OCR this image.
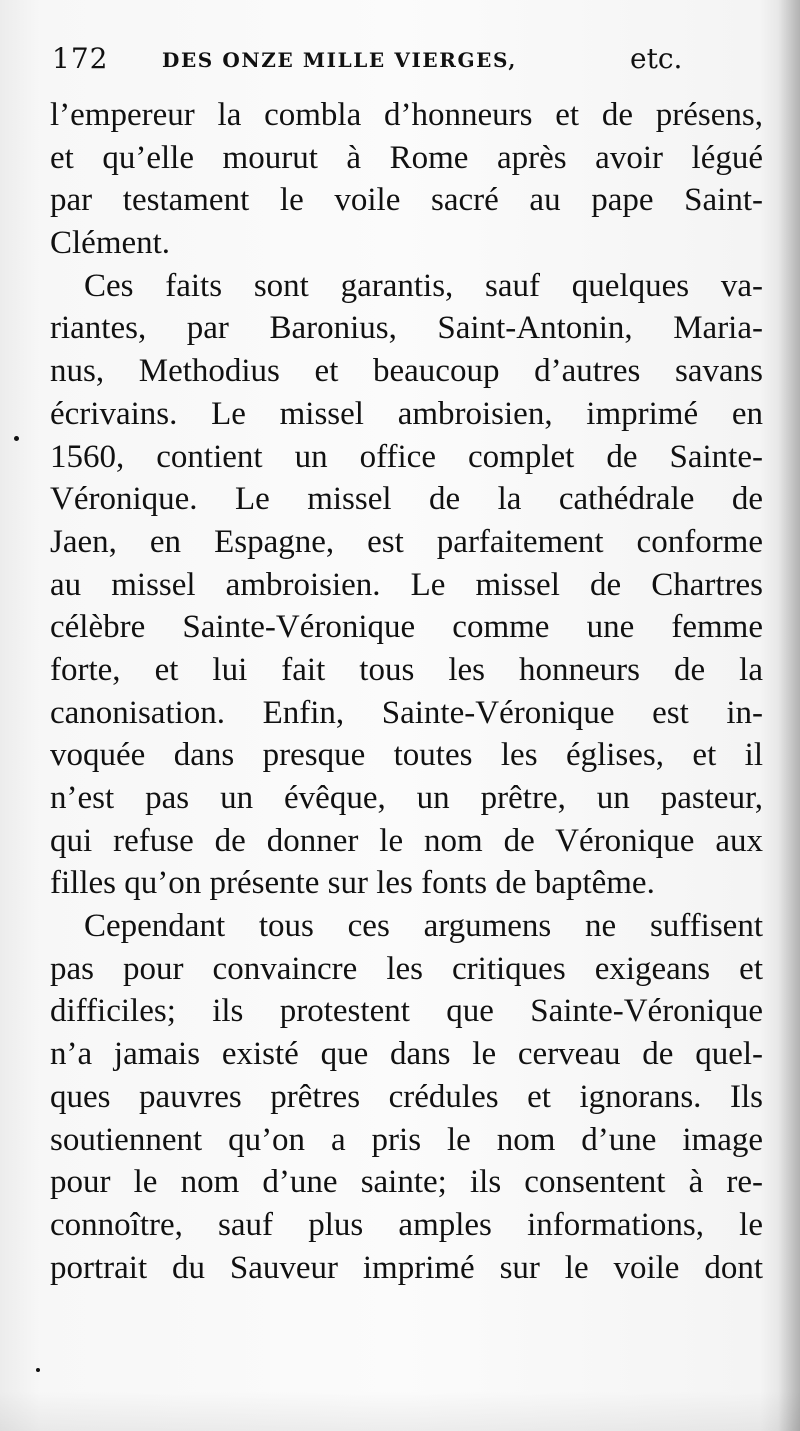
172	DES ONZE MILLE VIERGES,	etc.
l’empereur la combla d’honneurs et de présens,
et qu’elle mourut à Rome après avoir légué
par testament le voile sacré au pape Saint-
Clément.
Ces faits sont garantis, sauf quelques va-
riantes, par Baronius, Saint-Antonin, Maria-
nus, Methodius et beaucoup d’autres savans
écrivains. Le missel ambroisien, imprimé en
1560, contient un office complet de Sainte-
Véronique. Le missel de la cathédrale de
Jaen, en Espagne, est parfaitement conforme
au missel ambroisien. Le missel de Chartres
célèbre Sainte-Véronique comme une femme
forte, et lui fait tous les honneurs de la
canonisation. Enfin, Sainte-Véronique est in-
voquée dans presque toutes les églises, et il
n’est pas un évêque, un prêtre, un pasteur,
qui refuse de donner le nom de Véronique aux
filles qu’on présente sur les fonts de baptême.
Cependant tous ces argumens ne suffisent
pas pour convaincre les critiques exigeans et
difficiles; ils protestent que Sainte-Véronique
n’a jamais existé que dans le cerveau de quel-
ques pauvres prêtres crédules et ignorans. Ils
soutiennent qu’on a pris le nom d’une image
pour le nom d’une sainte; ils consentent à re-
connoître, sauf plus amples informations, le
portrait du Sauveur imprimé sur le voile dont
